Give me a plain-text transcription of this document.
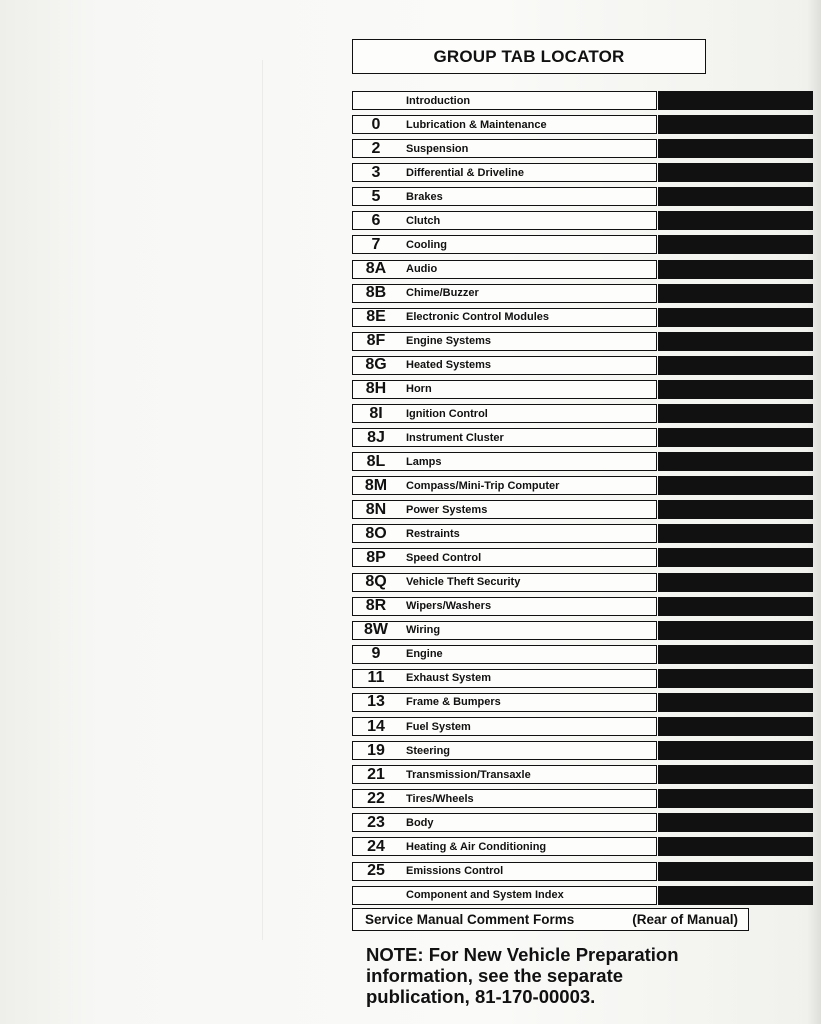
GROUP TAB LOCATOR
Introduction
0	Lubrication & Maintenance
2	Suspension
3	Differential & Driveline
5	Brakes
6	Clutch
7	Cooling
8A	Audio
8B	Chime/Buzzer
8E	Electronic Control Modules
8F	Engine Systems
8G	Heated Systems
8H	Horn
8I	Ignition Control
8J	Instrument Cluster
8L	Lamps
8M	Compass/Mini-Trip Computer
8N	Power Systems
8O	Restraints
8P	Speed Control
8Q	Vehicle Theft Security
8R	Wipers/Washers
8W	Wiring
9	Engine
11	Exhaust System
13	Frame & Bumpers
14	Fuel System
19	Steering
21	Transmission/Transaxle
22	Tires/Wheels
23	Body
24	Heating & Air Conditioning
25	Emissions Control
Component and System Index
Service Manual Comment Forms	(Rear of Manual)
NOTE: For New Vehicle Preparation
information, see the separate
publication, 81-170-00003.
